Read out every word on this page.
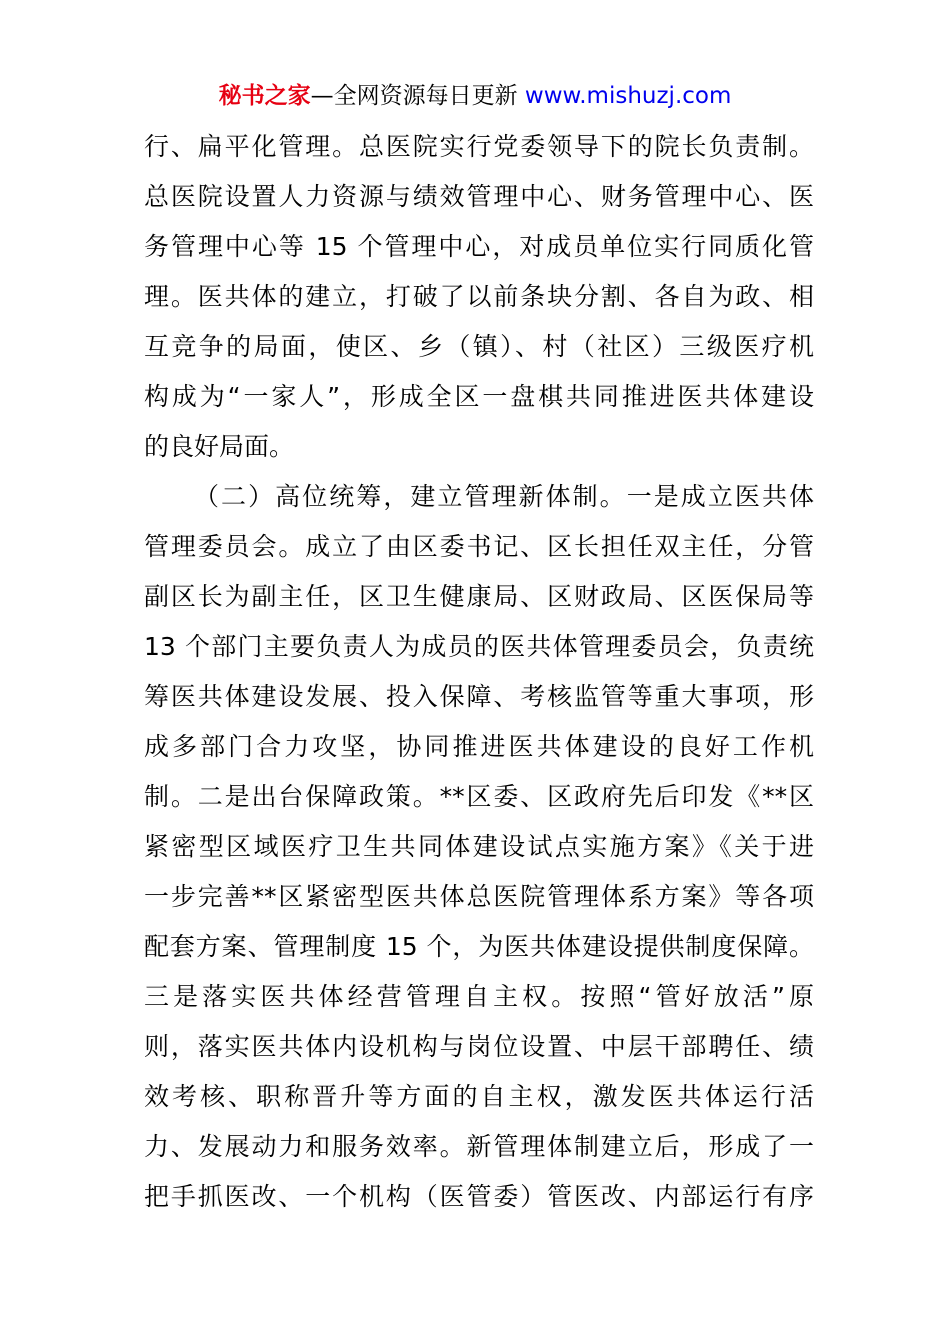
秘书之家—全网资源每日更新 www.mishuzj.com
行、扁平化管理。总医院实行党委领导下的院长负责制。
总医院设置人力资源与绩效管理中心、财务管理中心、医
务管理中心等 15 个管理中心，对成员单位实行同质化管
理。医共体的建立，打破了以前条块分割、各自为政、相
互竞争的局面，使区、乡（镇）、村（社区）三级医疗机
构成为“一家人”，形成全区一盘棋共同推进医共体建设
的良好局面。
（二）高位统筹，建立管理新体制。一是成立医共体
管理委员会。成立了由区委书记、区长担任双主任，分管
副区长为副主任，区卫生健康局、区财政局、区医保局等
13 个部门主要负责人为成员的医共体管理委员会，负责统
筹医共体建设发展、投入保障、考核监管等重大事项，形
成多部门合力攻坚，协同推进医共体建设的良好工作机
制。二是出台保障政策。**区委、区政府先后印发《**区
紧密型区域医疗卫生共同体建设试点实施方案》《关于进
一步完善**区紧密型医共体总医院管理体系方案》等各项
配套方案、管理制度 15 个，为医共体建设提供制度保障。
三是落实医共体经营管理自主权。按照“管好放活”原
则，落实医共体内设机构与岗位设置、中层干部聘任、绩
效考核、职称晋升等方面的自主权，激发医共体运行活
力、发展动力和服务效率。新管理体制建立后，形成了一
把手抓医改、一个机构（医管委）管医改、内部运行有序
